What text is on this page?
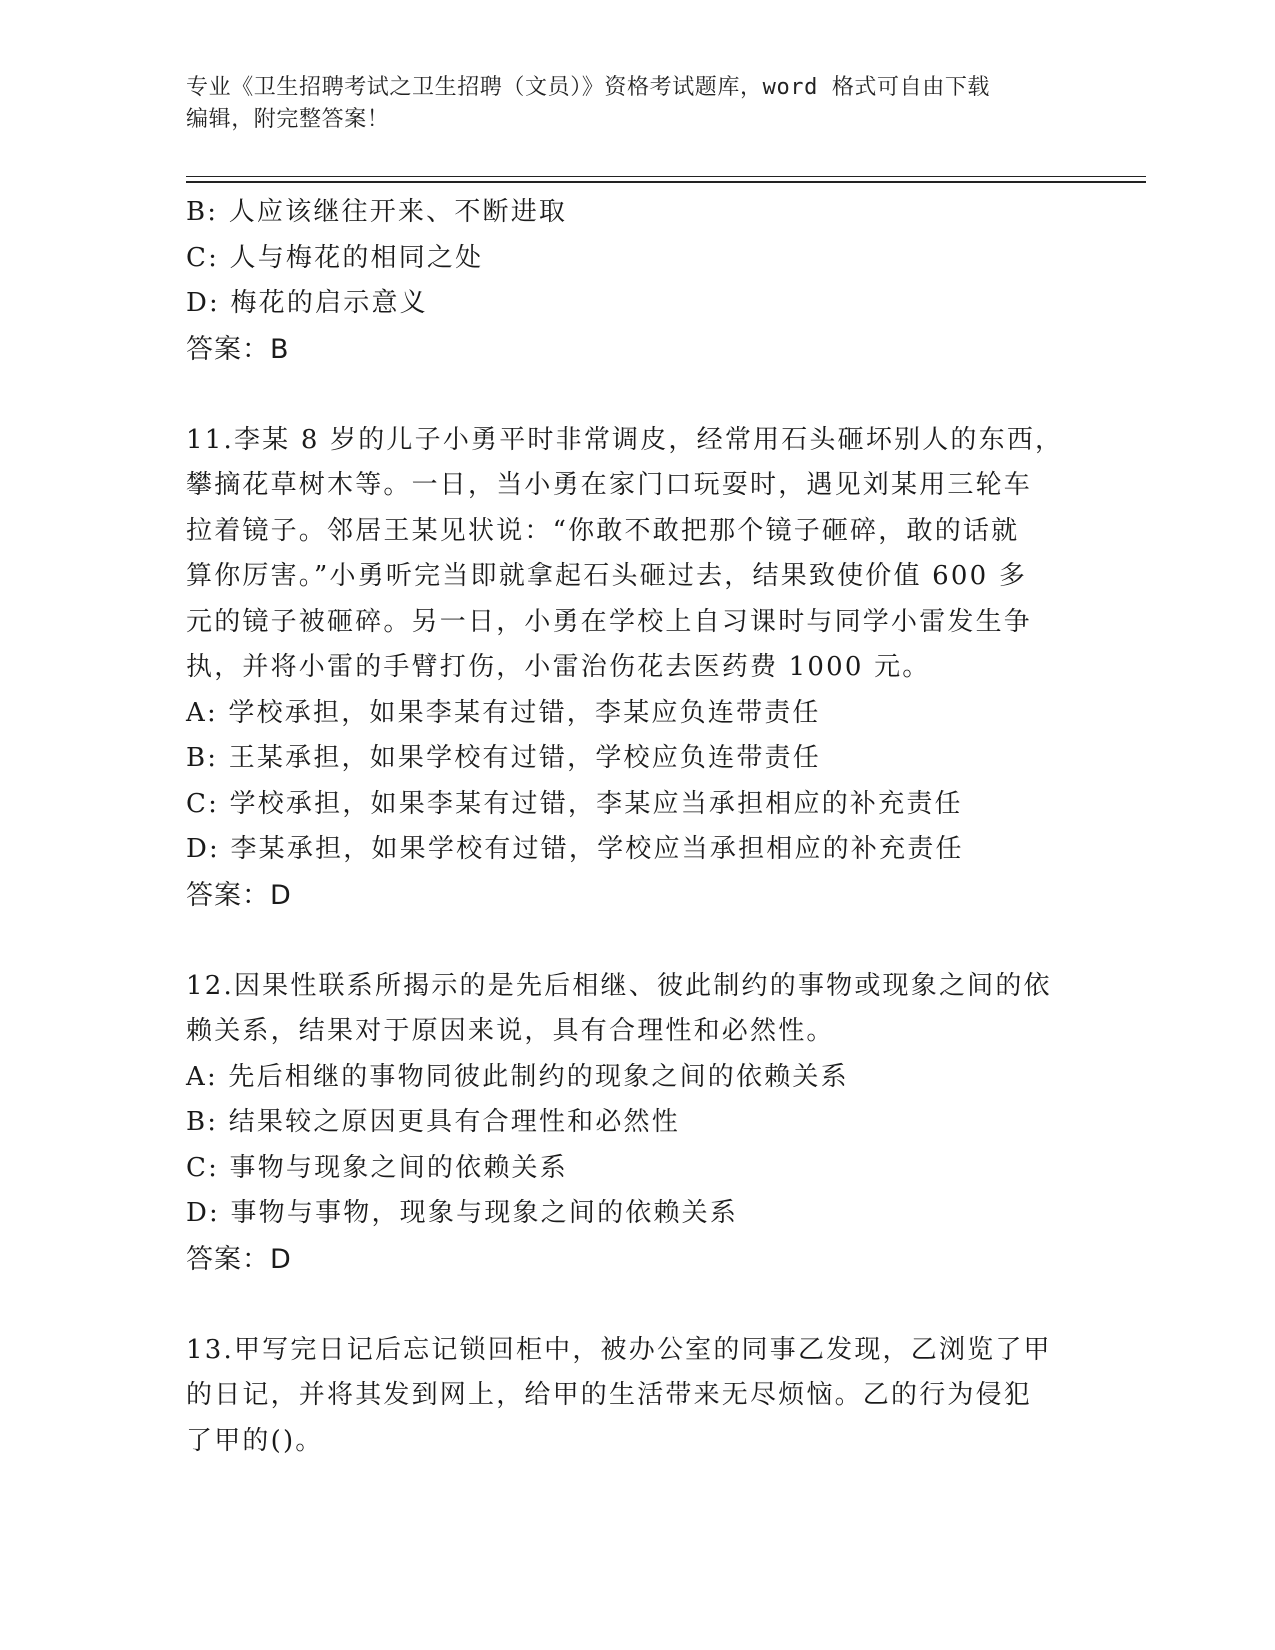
专业《卫生招聘考试之卫生招聘（文员）》资格考试题库，word 格式可自由下载
编辑，附完整答案！
B: 人应该继往开来、不断进取
C: 人与梅花的相同之处
D: 梅花的启示意义
答案：B
11.李某 8 岁的儿子小勇平时非常调皮，经常用石头砸坏别人的东西，
攀摘花草树木等。一日，当小勇在家门口玩耍时，遇见刘某用三轮车
拉着镜子。邻居王某见状说：“你敢不敢把那个镜子砸碎，敢的话就
算你厉害。”小勇听完当即就拿起石头砸过去，结果致使价值 600 多
元的镜子被砸碎。另一日，小勇在学校上自习课时与同学小雷发生争
执，并将小雷的手臂打伤，小雷治伤花去医药费 1000 元。
A: 学校承担，如果李某有过错，李某应负连带责任
B: 王某承担，如果学校有过错，学校应负连带责任
C: 学校承担，如果李某有过错，李某应当承担相应的补充责任
D: 李某承担，如果学校有过错，学校应当承担相应的补充责任
答案：D
12.因果性联系所揭示的是先后相继、彼此制约的事物或现象之间的依
赖关系，结果对于原因来说，具有合理性和必然性。
A: 先后相继的事物同彼此制约的现象之间的依赖关系
B: 结果较之原因更具有合理性和必然性
C: 事物与现象之间的依赖关系
D: 事物与事物，现象与现象之间的依赖关系
答案：D
13.甲写完日记后忘记锁回柜中，被办公室的同事乙发现，乙浏览了甲
的日记，并将其发到网上，给甲的生活带来无尽烦恼。乙的行为侵犯
了甲的()。
